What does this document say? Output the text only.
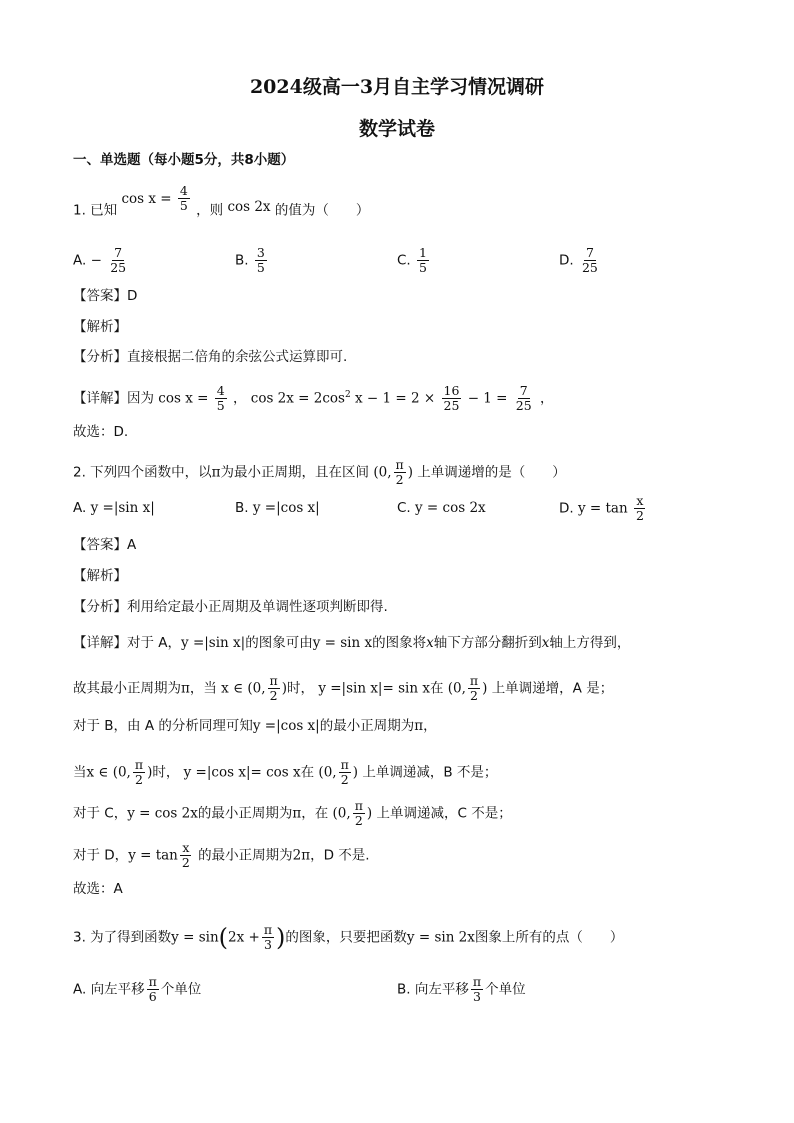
2024级高一3月自主学习情况调研
数学试卷
一、单选题（每小题5分，共8小题）
1. 已知 $\cos x = \frac{4}{5}$ ，则 cos 2x 的值为（　　）
A. − $\frac{7}{25}$	B. $\frac{3}{5}$	C. $\frac{1}{5}$	D. $\frac{7}{25}$
【答案】D
【解析】
【分析】直接根据二倍角的余弦公式运算即可.
【详解】因为 $\cos x = \frac{4}{5}$ ， $\cos 2x = 2\cos^2$ $x - 1 = 2 \times \frac{16}{25} - 1 = \frac{7}{25}$ ，
故选：D.
2. 下列四个函数中，以π为最小正周期，且在区间 (0, $\frac{\pi}{2}$ ) 上单调递增的是（　　）
A. y =|sin x|	B. y =|cos x|	C. y = cos 2x	D. $y = \tan \frac{x}{2}$
【答案】A
【解析】
【分析】利用给定最小正周期及单调性逐项判断即得.
【详解】对于 A，y =|sin x|的图象可由y = sin x的图象将x轴下方部分翻折到x轴上方得到，
故其最小正周期为π，当 x ∈ (0, $\frac{\pi}{2}$ )时， y =|sin x|= sin x在 (0, $\frac{\pi}{2}$ ) 上单调递增，A 是；
对于 B，由 A 的分析同理可知y =|cos x|的最小正周期为π，
当x ∈ (0, $\frac{\pi}{2}$ )时， y =|cos x|= cos x在 (0, $\frac{\pi}{2}$ ) 上单调递减，B 不是；
对于 C，y = cos 2x的最小正周期为π，在 (0, $\frac{\pi}{2}$ ) 上单调递减，C 不是；
对于 D，$y = \tan \frac{x}{2}$ 的最小正周期为2π，D 不是.
故选：A
3. 为了得到函数$y = \sin(2x + \frac{\pi}{3}$ )的图象，只要把函数y = sin 2x图象上所有的点（　　）
A. 向左平移 $\frac{\pi}{6}$ 个单位	B. 向左平移 $\frac{\pi}{3}$ 个单位
